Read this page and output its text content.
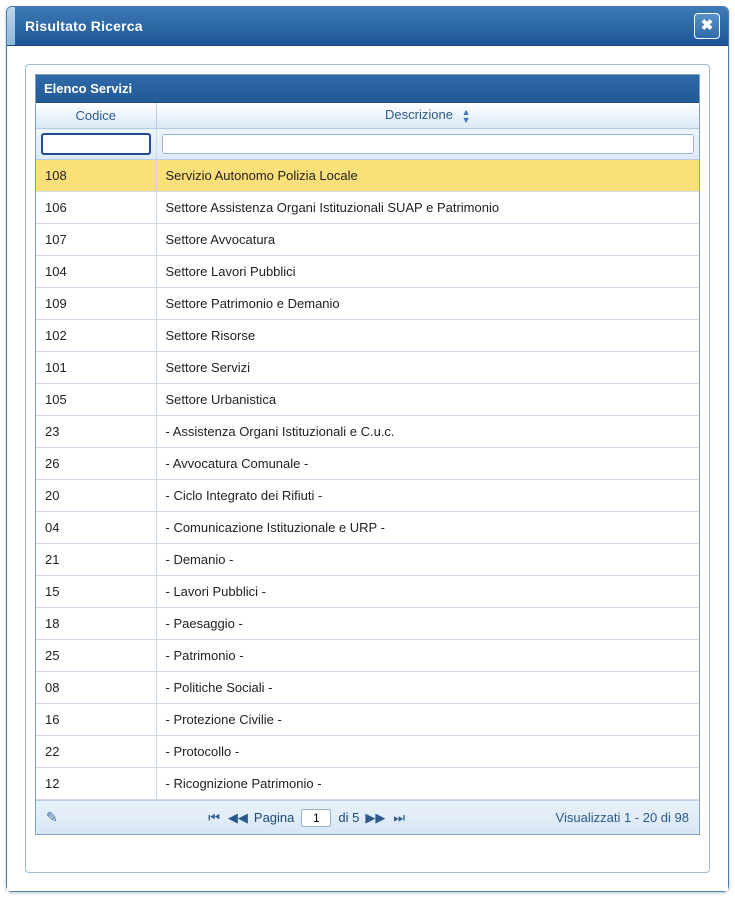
Risultato Ricerca	✖
Elenco Servizi
Codice	Descrizione ▲
▼

108	Servizio Autonomo Polizia Locale
106	Settore Assistenza Organi Istituzionali SUAP e Patrimonio
107	Settore Avvocatura
104	Settore Lavori Pubblici
109	Settore Patrimonio e Demanio
102	Settore Risorse
101	Settore Servizi
105	Settore Urbanistica
23	- Assistenza Organi Istituzionali e C.u.c.
26	- Avvocatura Comunale -
20	- Ciclo Integrato dei Rifiuti -
04	- Comunicazione Istituzionale e URP -
21	- Demanio -
15	- Lavori Pubblici -
18	- Paesaggio -
25	- Patrimonio -
08	- Politiche Sociali -
16	- Protezione Civilie -
22	- Protocollo -
12	- Ricognizione Patrimonio -
✎	⏮ ◀◀ Pagina
1	di 5 ▶▶ ⏭	Visualizzati 1 - 20 di 98
